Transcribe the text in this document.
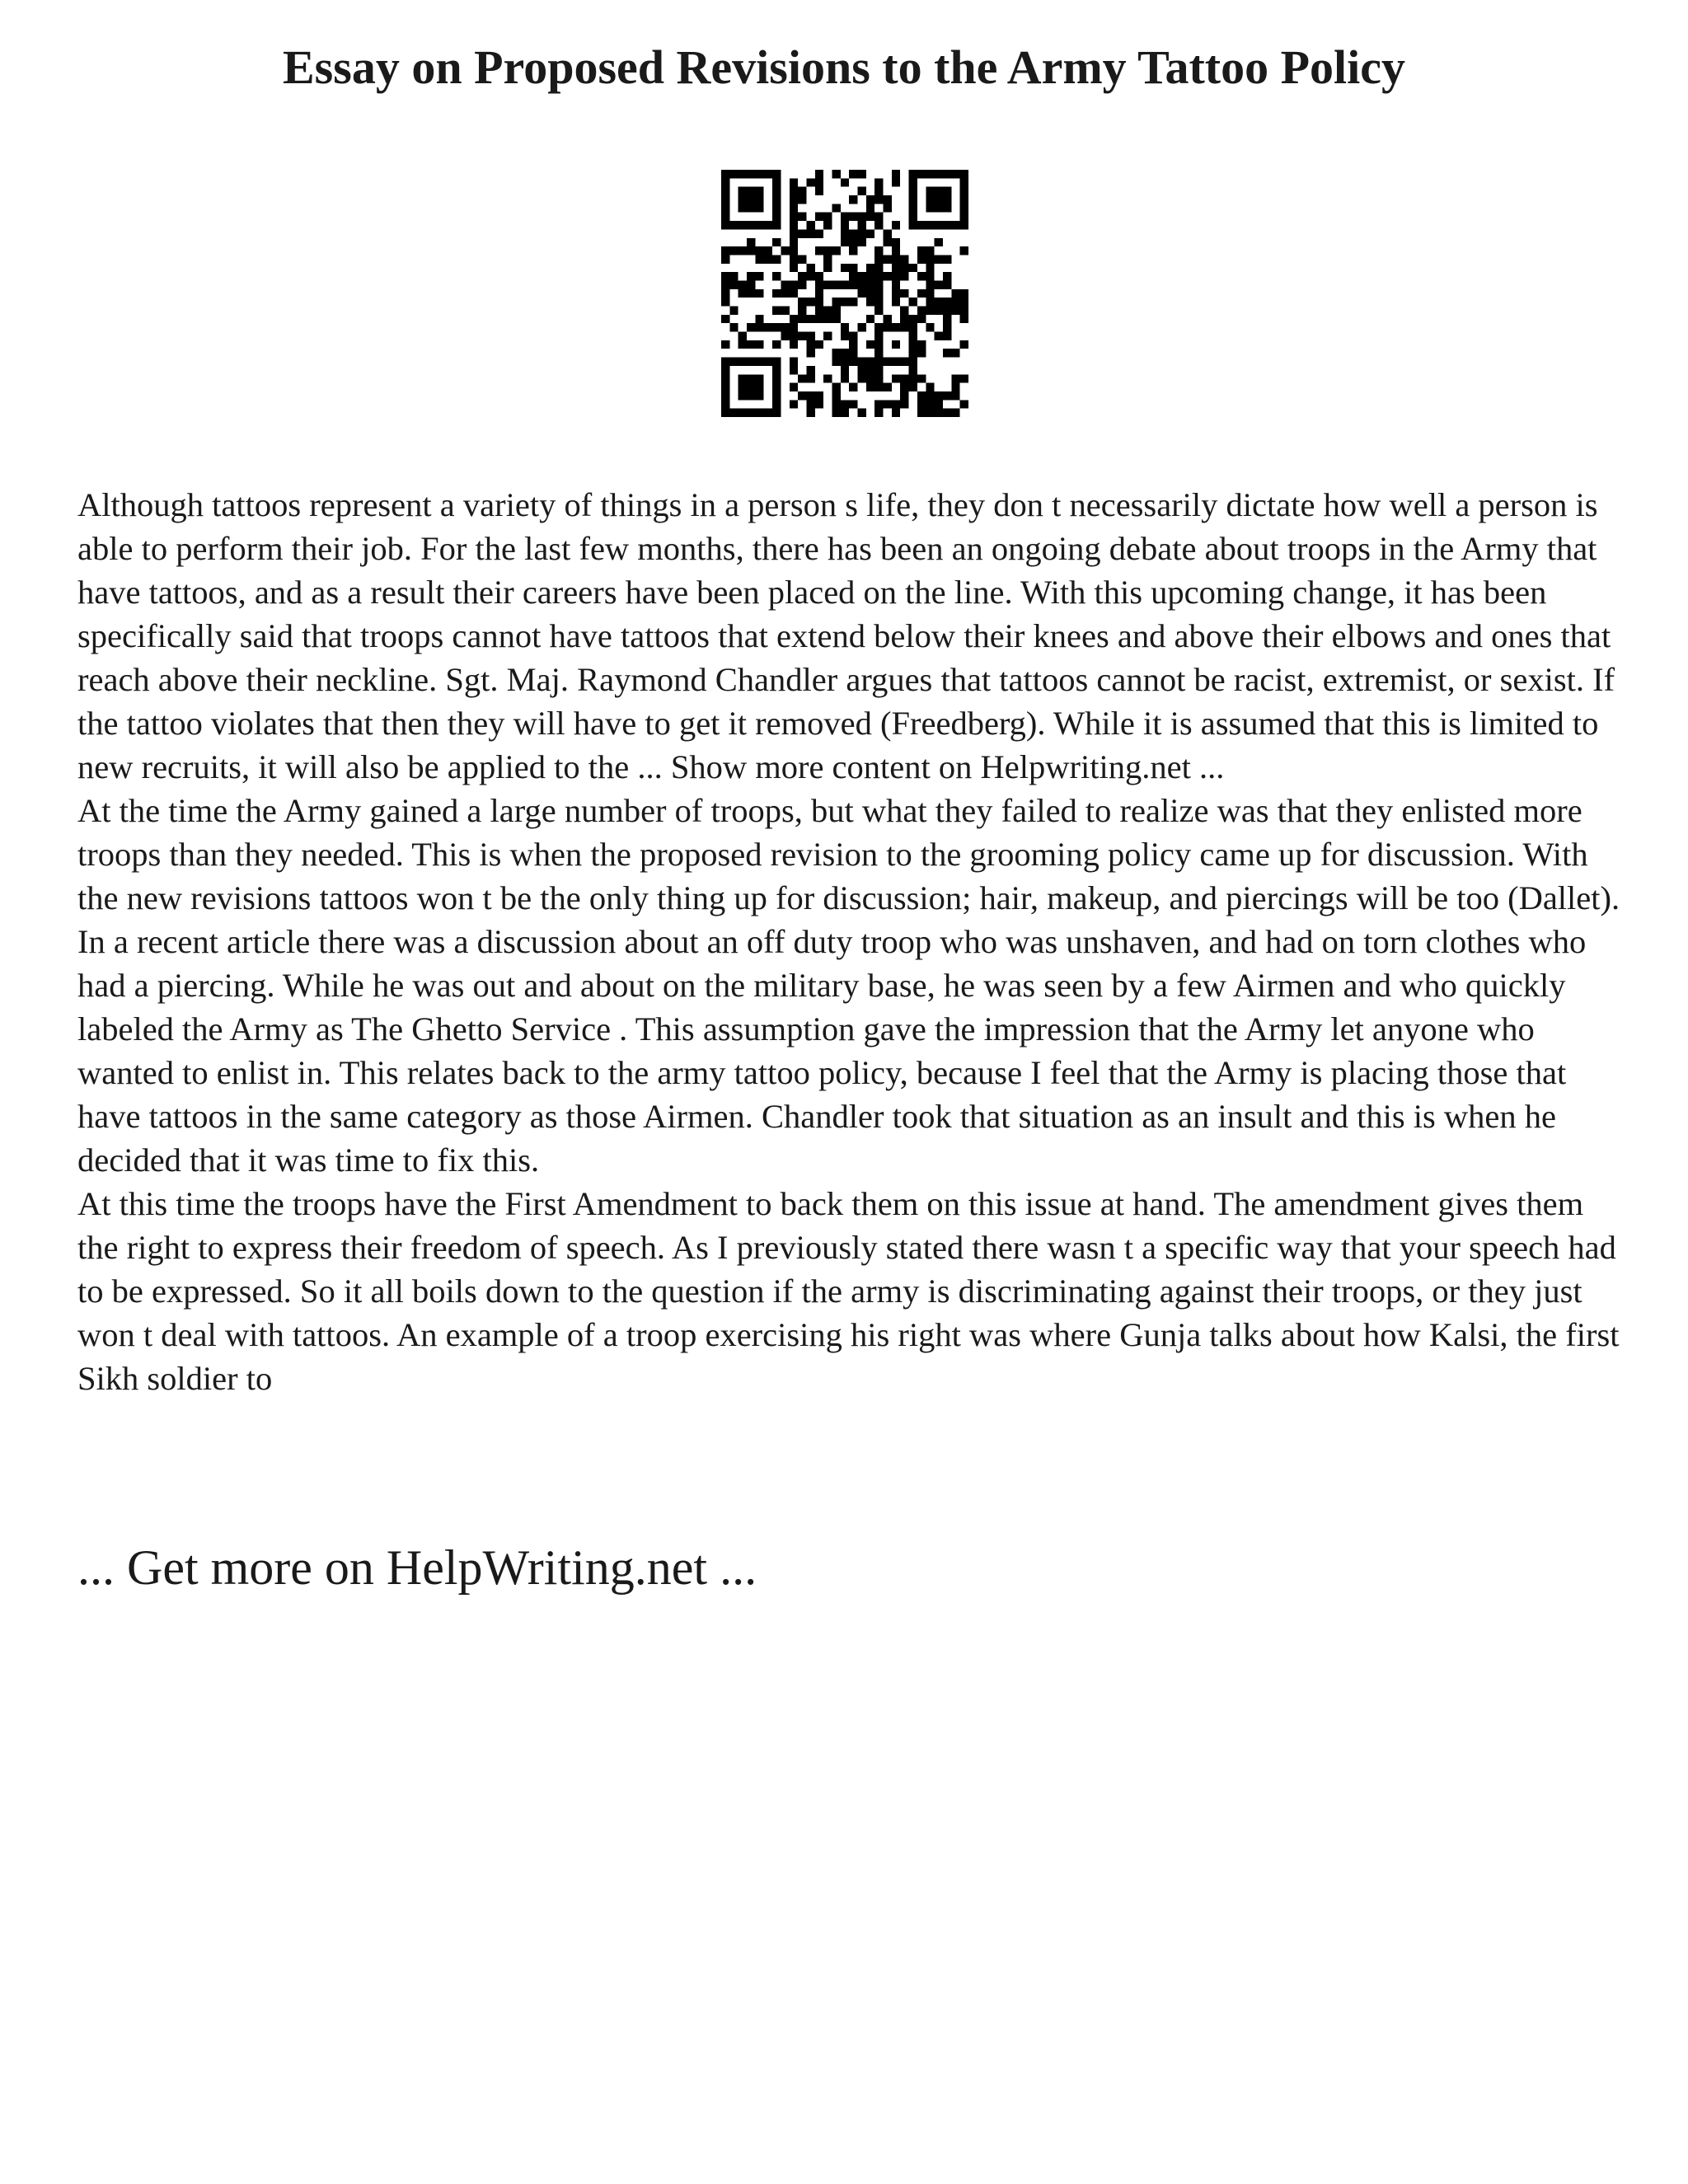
Essay on Proposed Revisions to the Army Tattoo Policy

Although tattoos represent a variety of things in a person s life, they don t necessarily dictate how well a person is able to perform their job. For the last few months, there has been an ongoing debate about troops in the Army that have tattoos, and as a result their careers have been placed on the line. With this upcoming change, it has been specifically said that troops cannot have tattoos that extend below their knees and above their elbows and ones that reach above their neckline. Sgt. Maj. Raymond Chandler argues that tattoos cannot be racist, extremist, or sexist. If the tattoo violates that then they will have to get it removed (Freedberg). While it is assumed that this is limited to new recruits, it will also be applied to the ... Show more content on Helpwriting.net ...

At the time the Army gained a large number of troops, but what they failed to realize was that they enlisted more troops than they needed. This is when the proposed revision to the grooming policy came up for discussion. With the new revisions tattoos won t be the only thing up for discussion; hair, makeup, and piercings will be too (Dallet). In a recent article there was a discussion about an off duty troop who was unshaven, and had on torn clothes who had a piercing. While he was out and about on the military base, he was seen by a few Airmen and who quickly labeled the Army as The Ghetto Service . This assumption gave the impression that the Army let anyone who wanted to enlist in. This relates back to the army tattoo policy, because I feel that the Army is placing those that have tattoos in the same category as those Airmen. Chandler took that situation as an insult and this is when he decided that it was time to fix this.

At this time the troops have the First Amendment to back them on this issue at hand. The amendment gives them the right to express their freedom of speech. As I previously stated there wasn t a specific way that your speech had to be expressed. So it all boils down to the question if the army is discriminating against their troops, or they just won t deal with tattoos. An example of a troop exercising his right was where Gunja talks about how Kalsi, the first Sikh soldier to

... Get more on HelpWriting.net ...
